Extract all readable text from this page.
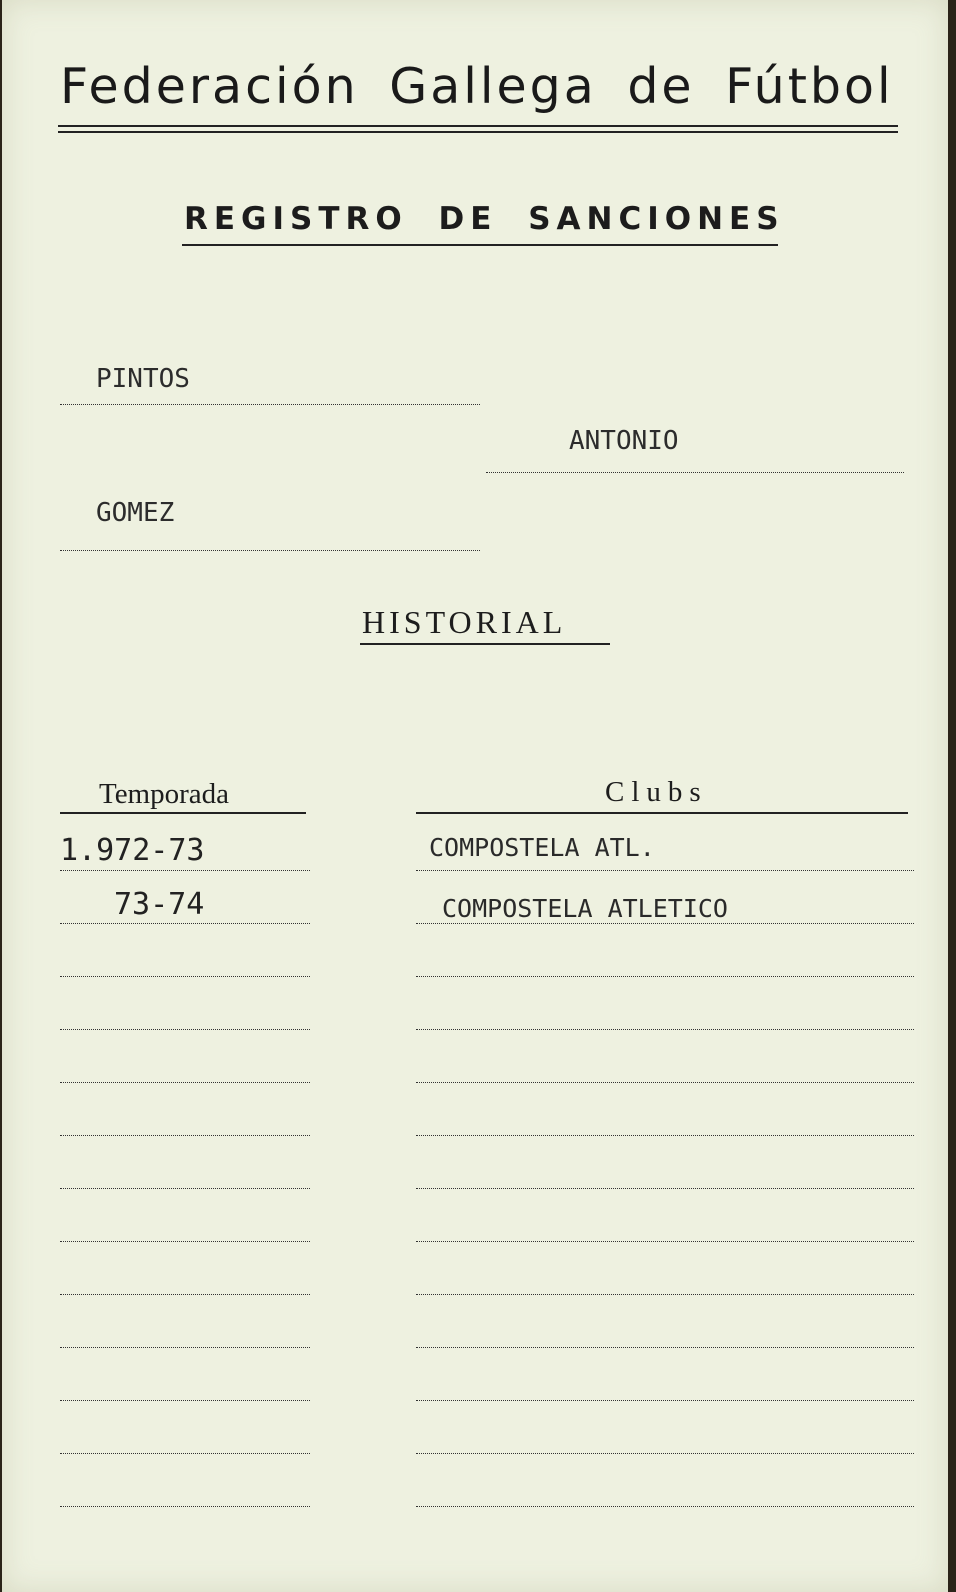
Federación Gallega de Fútbol
REGISTRO DE SANCIONES
PINTOS
ANTONIO
GOMEZ
HISTORIAL
Temporada	Clubs
1.972-73	COMPOSTELA ATL.
73-74	COMPOSTELA ATLETICO
